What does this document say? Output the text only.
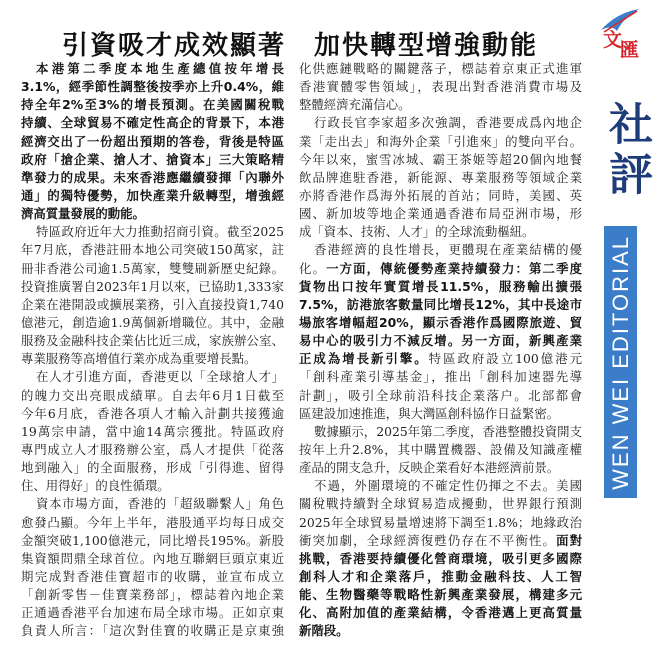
引資吸才成效顯著　加快轉型增強動能
本港第二季度本地生產總值按年增長
3.1%，經季節性調整後按季亦上升0.4%，維
持全年2%至3%的增長預測。在美國關稅戰
持續、全球貿易不確定性高企的背景下，本港
經濟交出了一份超出預期的答卷，背後是特區
政府「搶企業、搶人才、搶資本」三大策略精
準發力的成果。未來香港應繼續發揮「內聯外
通」的獨特優勢，加快產業升級轉型，增強經
濟高質量發展的動能。
特區政府近年大力推動招商引資。截至2025
年7月底，香港註冊本地公司突破150萬家，註
冊非香港公司逾1.5萬家，雙雙刷新歷史紀錄。
投資推廣署自2023年1月以來，已協助1,333家
企業在港開設或擴展業務，引入直接投資1,740
億港元，創造逾1.9萬個新增職位。其中，金融
服務及金融科技企業佔比近三成，家族辦公室、
專業服務等高增值行業亦成為重要增長點。
在人才引進方面，香港更以「全球搶人才」
的魄力交出亮眼成績單。自去年6月1日截至
今年6月底，香港各項人才輸入計劃共接獲逾
19萬宗申請，當中逾14萬宗獲批。特區政府
專門成立人才服務辦公室，爲人才提供「從落
地到融入」的全面服務，形成「引得進、留得
住、用得好」的良性循環。
資本市場方面，香港的「超級聯繫人」角色
愈發凸顯。今年上半年，港股通平均每日成交
金額突破1,100億港元，同比增長195%。新股
集資額問鼎全球首位。內地互聯網巨頭京東近
期完成對香港佳寶超市的收購，並宣布成立
「創新零售－佳寶業務部」，標誌着內地企業
正通過香港平台加速布局全球市場。正如京東
負責人所言：「這次對佳寶的收購正是京東強
化供應鏈戰略的關鍵落子，標誌着京東正式進軍
香港實體零售領域」，表現出對香港消費市場及
整體經濟充滿信心。
行政長官李家超多次強調，香港要成爲內地企
業「走出去」和海外企業「引進來」的雙向平台。
今年以來，蜜雪冰城、霸王茶姬等超20個內地餐
飲品牌進駐香港，新能源、專業服務等領域企業
亦將香港作爲海外拓展的首站；同時，美國、英
國、新加坡等地企業通過香港布局亞洲市場，形
成「資本、技術、人才」的全球流動樞紐。
香港經濟的良性增長，更體現在產業結構的優
化。一方面，傳統優勢產業持續發力：第二季度
貨物出口按年實質增長11.5%，服務輸出擴張
7.5%，訪港旅客數量同比增長12%，其中長途市
場旅客增幅超20%，顯示香港作爲國際旅遊、貿
易中心的吸引力不減反增。另一方面，新興產業
正成為增長新引擎。特區政府設立100億港元
「創科產業引導基金」，推出「創科加速器先導
計劃」，吸引全球前沿科技企業落户。北部都會
區建設加速推進，與大灣區創科協作日益緊密。
數據顯示，2025年第二季度，香港整體投資開支
按年上升2.8%，其中購置機器、設備及知識產權
產品的開支急升，反映企業看好本港經濟前景。
不過，外圍環境的不確定性仍揮之不去。美國
關稅戰持續對全球貿易造成擾動，世界銀行預測
2025年全球貿易量增速將下調至1.8%；地緣政治
衝突加劇，全球經濟復甦仍存在不平衡性。面對
挑戰，香港要持續優化營商環境，吸引更多國際
創科人才和企業落戶，推動金融科技、人工智
能、生物醫藥等戰略性新興產業發展，構建多元
化、高附加值的產業結構，令香港邁上更高質量
新階段。
文
匯
社評
WEN WEI EDITORIAL
